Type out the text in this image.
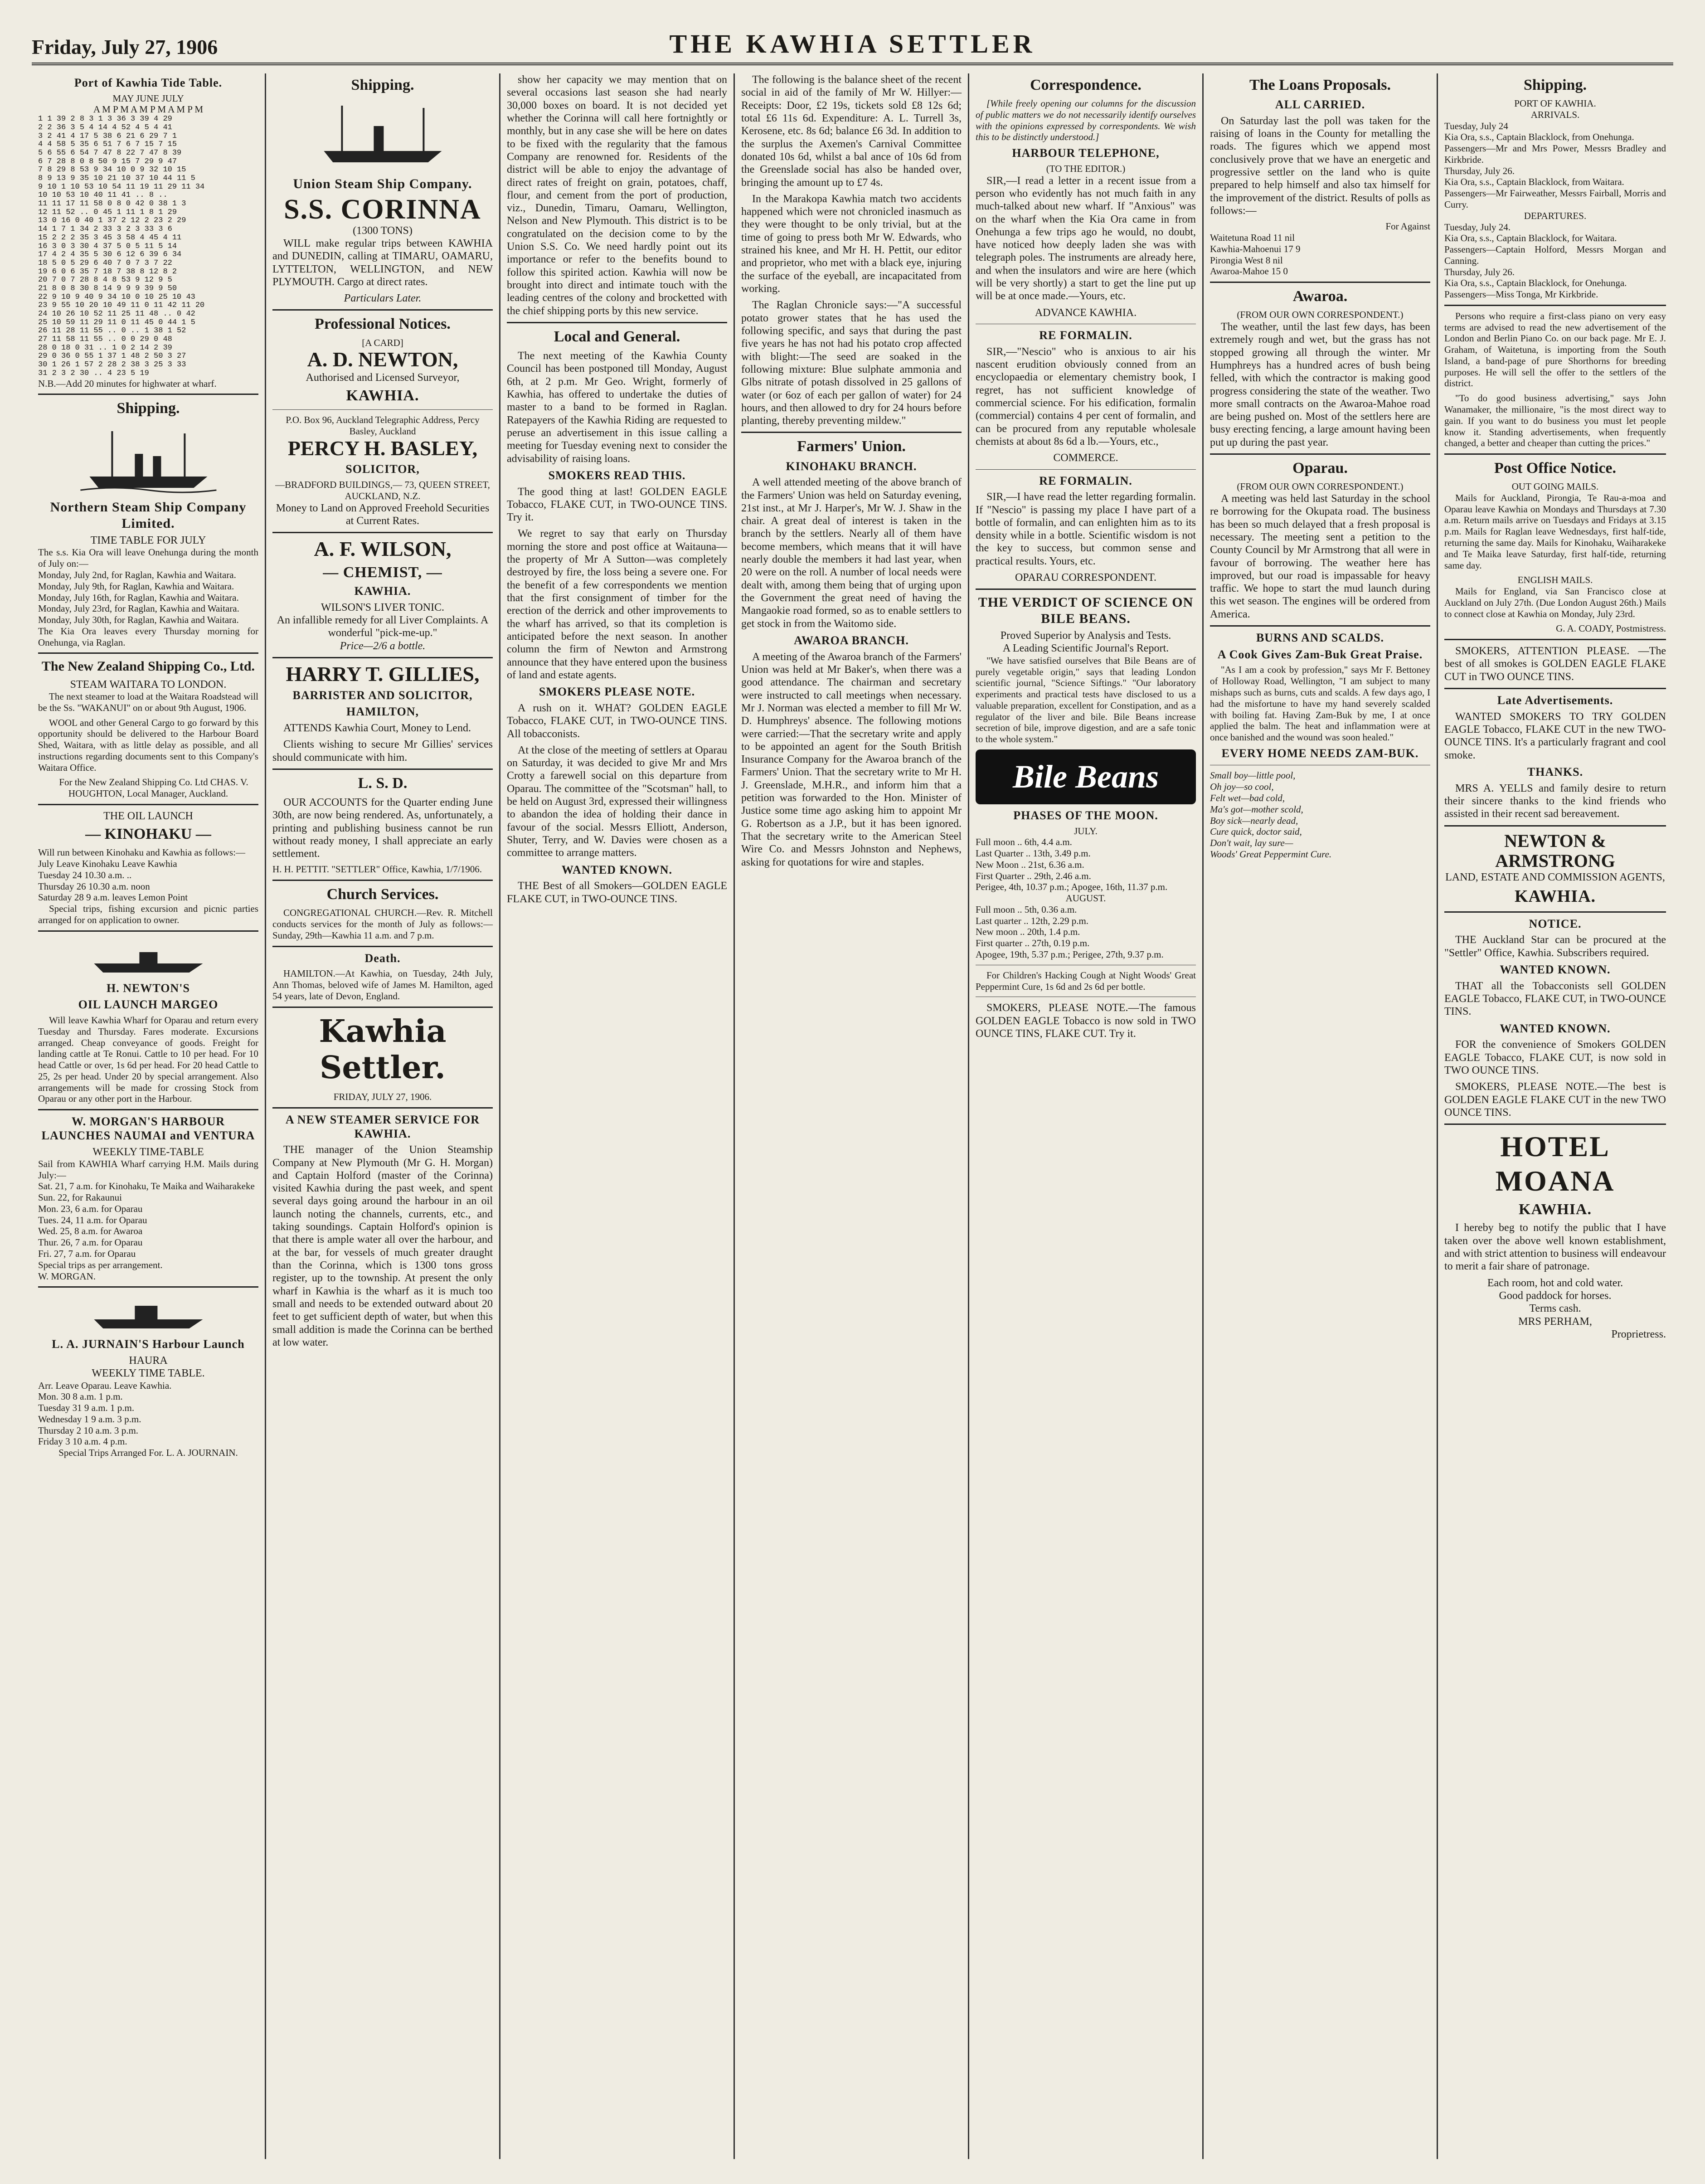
Friday, July 27, 1906	THE KAWHIA SETTLER
Port of Kawhia Tide Table.
MAY JUNE JULY
A M P M A M P M A M P M
1 1 39 2 8 3 1 3 36 3 39 4 29
2 2 36 3 5 4 14 4 52 4 5 4 41
3 2 41 4 17 5 38 6 21 6 29 7 1
4 4 58 5 35 6 51 7 6 7 15 7 15
5 6 55 6 54 7 47 8 22 7 47 8 39
6 7 28 8 0 8 50 9 15 7 29 9 47
7 8 29 8 53 9 34 10 0 9 32 10 15
8 9 13 9 35 10 21 10 37 10 44 11 5
9 10 1 10 53 10 54 11 19 11 29 11 34
10 10 53 10 40 11 41 .. 8 ..
11 11 17 11 58 0 8 0 42 0 38 1 3
12 11 52 .. 0 45 1 11 1 8 1 29
13 0 16 0 40 1 37 2 12 2 23 2 29
14 1 7 1 34 2 33 3 2 3 33 3 6
15 2 2 2 35 3 45 3 58 4 45 4 11
16 3 0 3 30 4 37 5 0 5 11 5 14
17 4 2 4 35 5 30 6 12 6 39 6 34
18 5 0 5 29 6 40 7 0 7 3 7 22
19 6 0 6 35 7 18 7 38 8 12 8 2
20 7 0 7 28 8 4 8 53 9 12 9 5
21 8 0 8 30 8 14 9 9 9 39 9 50
22 9 10 9 40 9 34 10 0 10 25 10 43
23 9 55 10 20 10 49 11 0 11 42 11 20
24 10 26 10 52 11 25 11 48 .. 0 42
25 10 59 11 29 11 0 11 45 0 44 1 5
26 11 28 11 55 .. 0 .. 1 38 1 52
27 11 58 11 55 .. 0 0 29 0 48
28 0 18 0 31 .. 1 0 2 14 2 39
29 0 36 0 55 1 37 1 48 2 50 3 27
30 1 26 1 57 2 28 2 38 3 25 3 33
31 2 3 2 30 .. 4 23 5 19
N.B.—Add 20 minutes for highwater at wharf.
Shipping.
Northern Steam Ship Company Limited.
TIME TABLE FOR JULY
The s.s. Kia Ora will leave Onehunga during the month of July on:—
Monday, July 2nd, for Raglan, Kawhia and Waitara.
Monday, July 9th, for Raglan, Kawhia and Waitara.
Monday, July 16th, for Raglan, Kawhia and Waitara.
Monday, July 23rd, for Raglan, Kawhia and Waitara.
Monday, July 30th, for Raglan, Kawhia and Waitara.
The Kia Ora leaves every Thursday morning for Onehunga, via Raglan.
The New Zealand Shipping Co., Ltd.
STEAM WAITARA TO LONDON.

The next steamer to load at the Waitara Roadstead will be the Ss. "WAKANUI" on or about 9th August, 1906.

WOOL and other General Cargo to go forward by this opportunity should be delivered to the Harbour Board Shed, Waitara, with as little delay as possible, and all instructions regarding documents sent to this Company's Waitara Office.

For the New Zealand Shipping Co. Ltd CHAS. V. HOUGHTON, Local Manager, Auckland.

THE OIL LAUNCH
— KINOHAKU —
Will run between Kinohaku and Kawhia as follows:—
July Leave Kinohaku Leave Kawhia
Tuesday 24 10.30 a.m. ..
Thursday 26 10.30 a.m. noon
Saturday 28 9 a.m. leaves Lemon Point

Special trips, fishing excursion and picnic parties arranged for on application to owner.

H. NEWTON'S
OIL LAUNCH MARGEO

Will leave Kawhia Wharf for Oparau and return every Tuesday and Thursday. Fares moderate. Excursions arranged. Cheap conveyance of goods. Freight for landing cattle at Te Ronui. Cattle to 10 per head. For 10 head Cattle or over, 1s 6d per head. For 20 head Cattle to 25, 2s per head. Under 20 by special arrangement. Also arrangements will be made for crossing Stock from Oparau or any other port in the Harbour.

W. MORGAN'S HARBOUR LAUNCHES NAUMAI and VENTURA
WEEKLY TIME-TABLE
Sail from KAWHIA Wharf carrying H.M. Mails during July:—
Sat. 21, 7 a.m. for Kinohaku, Te Maika and Waiharakeke
Sun. 22, for Rakaunui
Mon. 23, 6 a.m. for Oparau
Tues. 24, 11 a.m. for Oparau
Wed. 25, 8 a.m. for Awaroa
Thur. 26, 7 a.m. for Oparau
Fri. 27, 7 a.m. for Oparau
Special trips as per arrangement.
W. MORGAN.
L. A. JURNAIN'S Harbour Launch
HAURA
WEEKLY TIME TABLE.
Arr. Leave Oparau. Leave Kawhia.
Mon. 30 8 a.m. 1 p.m.
Tuesday 31 9 a.m. 1 p.m.
Wednesday 1 9 a.m. 3 p.m.
Thursday 2 10 a.m. 3 p.m.
Friday 3 10 a.m. 4 p.m.
Special Trips Arranged For. L. A. JOURNAIN.
Shipping.
Union Steam Ship Company.
S.S. CORINNA
(1300 TONS)

WILL make regular trips between KAWHIA and DUNEDIN, calling at TIMARU, OAMARU, LYTTELTON, WELLINGTON, and NEW PLYMOUTH. Cargo at direct rates.

Particulars Later.
Professional Notices.
[A CARD]
A. D. NEWTON,
Authorised and Licensed Surveyor,
KAWHIA.
P.O. Box 96, Auckland Telegraphic Address, Percy Basley, Auckland
PERCY H. BASLEY,
SOLICITOR,
—BRADFORD BUILDINGS,— 73, QUEEN STREET, AUCKLAND, N.Z.
Money to Land on Approved Freehold Securities at Current Rates.
A. F. WILSON,
— CHEMIST, —
KAWHIA.
WILSON'S LIVER TONIC.
An infallible remedy for all Liver Complaints. A wonderful "pick-me-up."
Price—2/6 a bottle.
HARRY T. GILLIES,
BARRISTER AND SOLICITOR,
HAMILTON,

ATTENDS Kawhia Court, Money to Lend.

Clients wishing to secure Mr Gillies' services should communicate with him.

L. S. D.

OUR ACCOUNTS for the Quarter ending June 30th, are now being rendered. As, unfortunately, a printing and publishing business cannot be run without ready money, I shall appreciate an early settlement.

H. H. PETTIT. "SETTLER" Office, Kawhia, 1/7/1906.
Church Services.

CONGREGATIONAL CHURCH.—Rev. R. Mitchell conducts services for the month of July as follows:— Sunday, 29th—Kawhia 11 a.m. and 7 p.m.

Death.

HAMILTON.—At Kawhia, on Tuesday, 24th July, Ann Thomas, beloved wife of James M. Hamilton, aged 54 years, late of Devon, England.

Kawhia Settler.
FRIDAY, JULY 27, 1906.
A NEW STEAMER SERVICE FOR KAWHIA.

THE manager of the Union Steamship Company at New Plymouth (Mr G. H. Morgan) and Captain Holford (master of the Corinna) visited Kawhia during the past week, and spent several days going around the harbour in an oil launch noting the channels, currents, etc., and taking soundings. Captain Holford's opinion is that there is ample water all over the harbour, and at the bar, for vessels of much greater draught than the Corinna, which is 1300 tons gross register, up to the township. At present the only wharf in Kawhia is the wharf as it is much too small and needs to be extended outward about 20 feet to get sufficient depth of water, but when this small addition is made the Corinna can be berthed at low water.

show her capacity we may mention that on several occasions last season she had nearly 30,000 boxes on board. It is not decided yet whether the Corinna will call here fortnightly or monthly, but in any case she will be here on dates to be fixed with the regularity that the famous Company are renowned for. Residents of the district will be able to enjoy the advantage of direct rates of freight on grain, potatoes, chaff, flour, and cement from the port of production, viz., Dunedin, Timaru, Oamaru, Wellington, Nelson and New Plymouth. This district is to be congratulated on the decision come to by the Union S.S. Co. We need hardly point out its importance or refer to the benefits bound to follow this spirited action. Kawhia will now be brought into direct and intimate touch with the leading centres of the colony and brocketted with the chief shipping ports by this new service.

Local and General.

The next meeting of the Kawhia County Council has been postponed till Monday, August 6th, at 2 p.m. Mr Geo. Wright, formerly of Kawhia, has offered to undertake the duties of master to a band to be formed in Raglan. Ratepayers of the Kawhia Riding are requested to peruse an advertisement in this issue calling a meeting for Tuesday evening next to consider the advisability of raising loans.

SMOKERS READ THIS.

The good thing at last! GOLDEN EAGLE Tobacco, FLAKE CUT, in TWO-OUNCE TINS. Try it.

We regret to say that early on Thursday morning the store and post office at Waitauna—the property of Mr A Sutton—was completely destroyed by fire, the loss being a severe one. For the benefit of a few correspondents we mention that the first consignment of timber for the erection of the derrick and other improvements to the wharf has arrived, so that its completion is anticipated before the next season. In another column the firm of Newton and Armstrong announce that they have entered upon the business of land and estate agents.

SMOKERS PLEASE NOTE.

A rush on it. WHAT? GOLDEN EAGLE Tobacco, FLAKE CUT, in TWO-OUNCE TINS. All tobacconists.

At the close of the meeting of settlers at Oparau on Saturday, it was decided to give Mr and Mrs Crotty a farewell social on this departure from Oparau. The committee of the "Scotsman" hall, to be held on August 3rd, expressed their willingness to abandon the idea of holding their dance in favour of the social. Messrs Elliott, Anderson, Shuter, Terry, and W. Davies were chosen as a committee to arrange matters.

WANTED KNOWN.

THE Best of all Smokers—GOLDEN EAGLE FLAKE CUT, in TWO-OUNCE TINS.

The following is the balance sheet of the recent social in aid of the family of Mr W. Hillyer:—Receipts: Door, £2 19s, tickets sold £8 12s 6d; total £6 11s 6d. Expenditure: A. L. Turrell 3s, Kerosene, etc. 8s 6d; balance £6 3d. In addition to the surplus the Axemen's Carnival Committee donated 10s 6d, whilst a bal ance of 10s 6d from the Greenslade social has also be handed over, bringing the amount up to £7 4s.

In the Marakopa Kawhia match two accidents happened which were not chronicled inasmuch as they were thought to be only trivial, but at the time of going to press both Mr W. Edwards, who strained his knee, and Mr H. H. Pettit, our editor and proprietor, who met with a black eye, injuring the surface of the eyeball, are incapacitated from working.

The Raglan Chronicle says:—"A successful potato grower states that he has used the following specific, and says that during the past five years he has not had his potato crop affected with blight:—The seed are soaked in the following mixture: Blue sulphate ammonia and Glbs nitrate of potash dissolved in 25 gallons of water (or 6oz of each per gallon of water) for 24 hours, and then allowed to dry for 24 hours before planting, thereby preventing mildew."

Farmers' Union.
KINOHAKU BRANCH.

A well attended meeting of the above branch of the Farmers' Union was held on Saturday evening, 21st inst., at Mr J. Harper's, Mr W. J. Shaw in the chair. A great deal of interest is taken in the branch by the settlers. Nearly all of them have become members, which means that it will have nearly double the members it had last year, when 20 were on the roll. A number of local needs were dealt with, among them being that of urging upon the Government the great need of having the Mangaokie road formed, so as to enable settlers to get stock in from the Waitomo side.

AWAROA BRANCH.

A meeting of the Awaroa branch of the Farmers' Union was held at Mr Baker's, when there was a good attendance. The chairman and secretary were instructed to call meetings when necessary. Mr J. Norman was elected a member to fill Mr W. D. Humphreys' absence. The following motions were carried:—That the secretary write and apply to be appointed an agent for the South British Insurance Company for the Awaroa branch of the Farmers' Union. That the secretary write to Mr H. J. Greenslade, M.H.R., and inform him that a petition was forwarded to the Hon. Minister of Justice some time ago asking him to appoint Mr G. Robertson as a J.P., but it has been ignored. That the secretary write to the American Steel Wire Co. and Messrs Johnston and Nephews, asking for quotations for wire and staples.

Correspondence.

[While freely opening our columns for the discussion of public matters we do not necessarily identify ourselves with the opinions expressed by correspondents. We wish this to be distinctly understood.]

HARBOUR TELEPHONE,
(TO THE EDITOR.)

SIR,—I read a letter in a recent issue from a person who evidently has not much faith in any much-talked about new wharf. If "Anxious" was on the wharf when the Kia Ora came in from Onehunga a few trips ago he would, no doubt, have noticed how deeply laden she was with telegraph poles. The instruments are already here, and when the insulators and wire are here (which will be very shortly) a start to get the line put up will be at once made.—Yours, etc.

ADVANCE KAWHIA.
RE FORMALIN.

SIR,—"Nescio" who is anxious to air his nascent erudition obviously conned from an encyclopaedia or elementary chemistry book, I regret, has not sufficient knowledge of commercial science. For his edification, formalin (commercial) contains 4 per cent of formalin, and can be procured from any reputable wholesale chemists at about 8s 6d a lb.—Yours, etc.,

COMMERCE.
RE FORMALIN.

SIR,—I have read the letter regarding formalin. If "Nescio" is passing my place I have part of a bottle of formalin, and can enlighten him as to its density while in a bottle. Scientific wisdom is not the key to success, but common sense and practical results. Yours, etc.

OPARAU CORRESPONDENT.
THE VERDICT OF SCIENCE ON BILE BEANS.
Proved Superior by Analysis and Tests.
A Leading Scientific Journal's Report.

"We have satisfied ourselves that Bile Beans are of purely vegetable origin," says that leading London scientific journal, "Science Siftings." "Our laboratory experiments and practical tests have disclosed to us a valuable preparation, excellent for Constipation, and as a regulator of the liver and bile. Bile Beans increase secretion of bile, improve digestion, and are a safe tonic to the whole system."

Bile Beans
PHASES OF THE MOON.
JULY.
Full moon .. 6th, 4.4 a.m.
Last Quarter .. 13th, 3.49 p.m.
New Moon .. 21st, 6.36 a.m.
First Quarter .. 29th, 2.46 a.m.
Perigee, 4th, 10.37 p.m.; Apogee, 16th, 11.37 p.m.
AUGUST.
Full moon .. 5th, 0.36 a.m.
Last quarter .. 12th, 2.29 p.m.
New moon .. 20th, 1.4 p.m.
First quarter .. 27th, 0.19 p.m.
Apogee, 19th, 5.37 p.m.; Perigee, 27th, 9.37 p.m.

For Children's Hacking Cough at Night Woods' Great Peppermint Cure, 1s 6d and 2s 6d per bottle.

SMOKERS, PLEASE NOTE.—The famous GOLDEN EAGLE Tobacco is now sold in TWO OUNCE TINS, FLAKE CUT. Try it.

The Loans Proposals.
ALL CARRIED.

On Saturday last the poll was taken for the raising of loans in the County for metalling the roads. The figures which we append most conclusively prove that we have an energetic and progressive settler on the land who is quite prepared to help himself and also tax himself for the improvement of the district. Results of polls as follows:—

For Against
Waitetuna Road 11 nil
Kawhia-Mahoenui 17 9
Pirongia West 8 nil
Awaroa-Mahoe 15 0
Awaroa.
(FROM OUR OWN CORRESPONDENT.)

The weather, until the last few days, has been extremely rough and wet, but the grass has not stopped growing all through the winter. Mr Humphreys has a hundred acres of bush being felled, with which the contractor is making good progress considering the state of the weather. Two more small contracts on the Awaroa-Mahoe road are being pushed on. Most of the settlers here are busy erecting fencing, a large amount having been put up during the past year.

Oparau.
(FROM OUR OWN CORRESPONDENT.)

A meeting was held last Saturday in the school re borrowing for the Okupata road. The business has been so much delayed that a fresh proposal is necessary. The meeting sent a petition to the County Council by Mr Armstrong that all were in favour of borrowing. The weather here has improved, but our road is impassable for heavy traffic. We hope to start the mud launch during this wet season. The engines will be ordered from America.

BURNS AND SCALDS.
A Cook Gives Zam-Buk Great Praise.

"As I am a cook by profession," says Mr F. Bettoney of Holloway Road, Wellington, "I am subject to many mishaps such as burns, cuts and scalds. A few days ago, I had the misfortune to have my hand severely scalded with boiling fat. Having Zam-Buk by me, I at once applied the balm. The heat and inflammation were at once banished and the wound was soon healed."

EVERY HOME NEEDS ZAM-BUK.
Small boy—little pool,
Oh joy—so cool,
Felt wet—bad cold,
Ma's got—mother scold,
Boy sick—nearly dead,
Cure quick, doctor said,
Don't wait, lay sure—
Woods' Great Peppermint Cure.
Shipping.
PORT OF KAWHIA.
ARRIVALS.
Tuesday, July 24
Kia Ora, s.s., Captain Blacklock, from Onehunga.
Passengers—Mr and Mrs Power, Messrs Bradley and Kirkbride.
Thursday, July 26.
Kia Ora, s.s., Captain Blacklock, from Waitara.
Passengers—Mr Fairweather, Messrs Fairball, Morris and Curry.
DEPARTURES.
Tuesday, July 24.
Kia Ora, s.s., Captain Blacklock, for Waitara.
Passengers—Captain Holford, Messrs Morgan and Canning.
Thursday, July 26.
Kia Ora, s.s., Captain Blacklock, for Onehunga.
Passengers—Miss Tonga, Mr Kirkbride.

Persons who require a first-class piano on very easy terms are advised to read the new advertisement of the London and Berlin Piano Co. on our back page. Mr E. J. Graham, of Waitetuna, is importing from the South Island, a band-page of pure Shorthorns for breeding purposes. He will sell the offer to the settlers of the district.

"To do good business advertising," says John Wanamaker, the millionaire, "is the most direct way to gain. If you want to do business you must let people know it. Standing advertisements, when frequently changed, a better and cheaper than cutting the prices."

Post Office Notice.
OUT GOING MAILS.

Mails for Auckland, Pirongia, Te Rau-a-moa and Oparau leave Kawhia on Mondays and Thursdays at 7.30 a.m. Return mails arrive on Tuesdays and Fridays at 3.15 p.m. Mails for Raglan leave Wednesdays, first half-tide, returning the same day. Mails for Kinohaku, Waiharakeke and Te Maika leave Saturday, first half-tide, returning same day.

ENGLISH MAILS.

Mails for England, via San Francisco close at Auckland on July 27th. (Due London August 26th.) Mails to connect close at Kawhia on Monday, July 23rd.

G. A. COADY, Postmistress.

SMOKERS, ATTENTION PLEASE. —The best of all smokes is GOLDEN EAGLE FLAKE CUT in TWO OUNCE TINS.

Late Advertisements.

WANTED SMOKERS TO TRY GOLDEN EAGLE Tobacco, FLAKE CUT in the new TWO-OUNCE TINS. It's a particularly fragrant and cool smoke.

THANKS.

MRS A. YELLS and family desire to return their sincere thanks to the kind friends who assisted in their recent sad bereavement.

NEWTON & ARMSTRONG
LAND, ESTATE AND COMMISSION AGENTS,
KAWHIA.
NOTICE.

THE Auckland Star can be procured at the "Settler" Office, Kawhia. Subscribers required.

WANTED KNOWN.

THAT all the Tobacconists sell GOLDEN EAGLE Tobacco, FLAKE CUT, in TWO-OUNCE TINS.

WANTED KNOWN.

FOR the convenience of Smokers GOLDEN EAGLE Tobacco, FLAKE CUT, is now sold in TWO OUNCE TINS.

SMOKERS, PLEASE NOTE.—The best is GOLDEN EAGLE FLAKE CUT in the new TWO OUNCE TINS.

HOTEL MOANA
KAWHIA.

I hereby beg to notify the public that I have taken over the above well known establishment, and with strict attention to business will endeavour to merit a fair share of patronage.

Each room, hot and cold water.
Good paddock for horses.
Terms cash.
MRS PERHAM,
Proprietress.
